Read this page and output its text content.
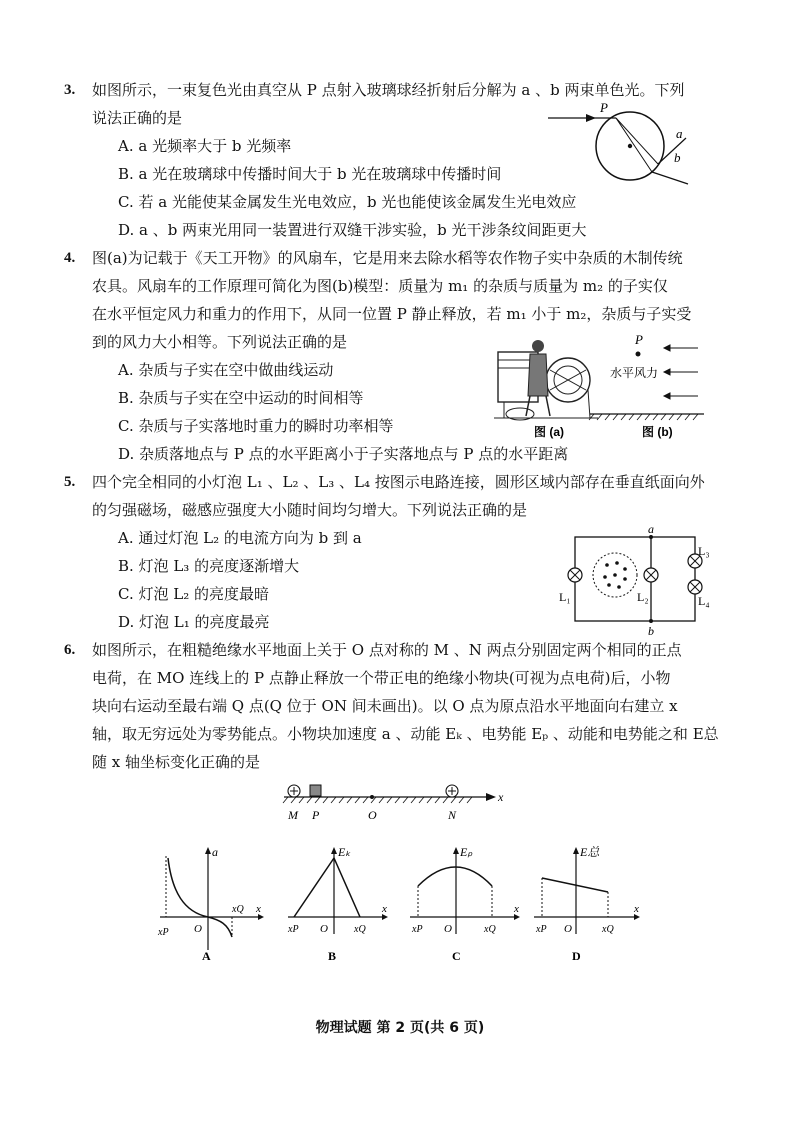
3. 如图所示，一束复色光由真空从 P 点射入玻璃球经折射后分解为 a 、b 两束单色光。下列
说法正确的是
A. a 光频率大于 b 光频率
B. a 光在玻璃球中传播时间大于 b 光在玻璃球中传播时间
C. 若 a 光能使某金属发生光电效应，b 光也能使该金属发生光电效应
D. a 、b 两束光用同一装置进行双缝干涉实验，b 光干涉条纹间距更大
P
a
b
4. 图(a)为记载于《天工开物》的风扇车，它是用来去除水稻等农作物子实中杂质的木制传统
农具。风扇车的工作原理可简化为图(b)模型：质量为 m₁ 的杂质与质量为 m₂ 的子实仅
在水平恒定风力和重力的作用下，从同一位置 P 静止释放，若 m₁ 小于 m₂，杂质与子实受
到的风力大小相等。下列说法正确的是
A. 杂质与子实在空中做曲线运动
B. 杂质与子实在空中运动的时间相等
C. 杂质与子实落地时重力的瞬时功率相等
D. 杂质落地点与 P 点的水平距离小于子实落地点与 P 点的水平距离
图 (a)
P
水平风力
图 (b)
5. 四个完全相同的小灯泡 L₁ 、L₂ 、L₃ 、L₄ 按图示电路连接，圆形区域内部存在垂直纸面向外
的匀强磁场，磁感应强度大小随时间均匀增大。下列说法正确的是
A. 通过灯泡 L₂ 的电流方向为 b 到 a
B. 灯泡 L₃ 的亮度逐渐增大
C. 灯泡 L₂ 的亮度最暗
D. 灯泡 L₁ 的亮度最亮
a
b
L₁	L₂
L₃
L₄
6. 如图所示，在粗糙绝缘水平地面上关于 O 点对称的 M 、N 两点分别固定两个相同的正点
电荷，在 MO 连线上的 P 点静止释放一个带正电的绝缘小物块(可视为点电荷)后，小物
块向右运动至最右端 Q 点(Q 位于 ON 间未画出)。以 O 点为原点沿水平地面向右建立 x
轴，取无穷远处为零势能点。小物块加速度 a 、动能 Eₖ 、电势能 Eₚ 、动能和电势能之和 E总
随 x 轴坐标变化正确的是
x
M P	O	N
x
a
xP O
xQ
A
x
Eₖ
xP O	xQ
B
x
Eₚ
xP O	xQ
C
x
E总
xP O	xQ
D
物理试题 第 2 页(共 6 页)
